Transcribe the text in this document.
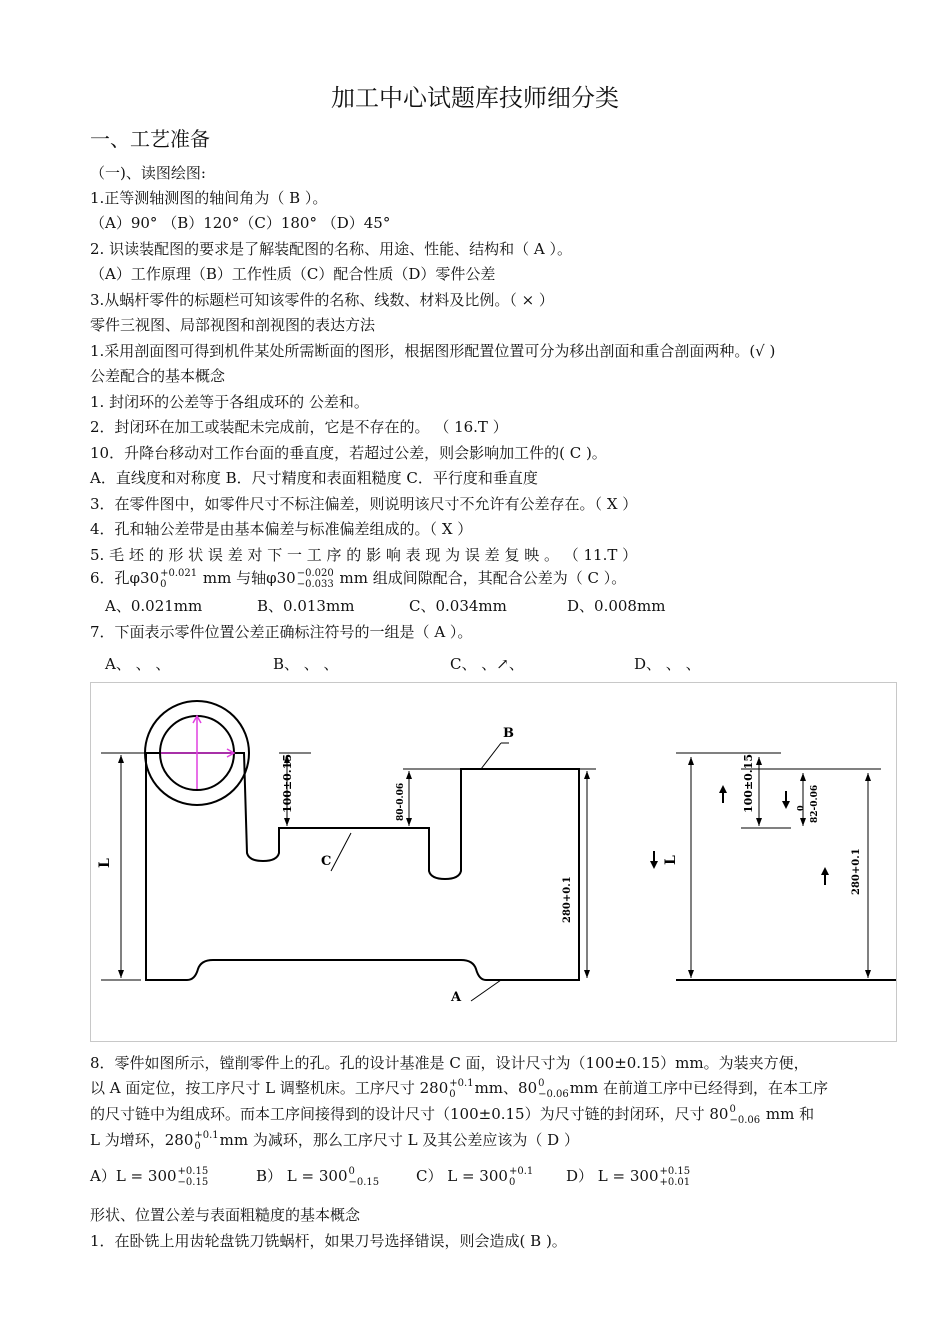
加工中心试题库技师细分类
一、工艺准备
（一)、读图绘图:
1.正等测轴测图的轴间角为（ B ）。
（A）90° （B）120°（C）180° （D）45°
2. 识读装配图的要求是了解装配图的名称、用途、性能、结构和（ A ）。
（A）工作原理（B）工作性质（C）配合性质（D）零件公差
3.从蜗杆零件的标题栏可知该零件的名称、线数、材料及比例。（ × ）
零件三视图、局部视图和剖视图的表达方法
1.采用剖面图可得到机件某处所需断面的图形，根据图形配置位置可分为移出剖面和重合剖面两种。(√ )
公差配合的基本概念
1. 封闭环的公差等于各组成环的 公差和。
2．封闭环在加工或装配未完成前，它是不存在的。 （ 16.T ）
10．升降台移动对工作台面的垂直度，若超过公差，则会影响加工件的( C )。
A．直线度和对称度 B．尺寸精度和表面粗糙度 C．平行度和垂直度
3．在零件图中，如零件尺寸不标注偏差，则说明该尺寸不允许有公差存在。（ X ）
4．孔和轴公差带是由基本偏差与标准偏差组成的。（ X ）
5. 毛 坯 的 形 状 误 差 对 下 一 工 序 的 影 响 表 现 为 误 差 复 映 。 （ 11.T ）
6．孔φ30 +0.021
0	mm 与轴φ30 −0.020
−0.033 mm 组成间隙配合，其配合公差为（ C ）。
A、0.021mm	B、0.013mm	C、0.034mm	D、0.008mm
7．下面表示零件位置公差正确标注符号的一组是（ A ）。
A、 、 、	B、 、 、	C、 、↗、	D、 、 、
B
C
A
L	L
100±0.15	80-0.06
280+0.1
100±0.15	0 82-0.06
280+0.1
8．零件如图所示，镗削零件上的孔。孔的设计基准是 C 面，设计尺寸为（100±0.15）mm。为装夹方便，
以 A 面定位，按工序尺寸 L 调整机床。工序尺寸 280 +0.1
0	mm、80 0
−0.06 mm 在前道工序中已经得到，在本工序
的尺寸链中为组成环。而本工序间接得到的设计尺寸（100±0.15）为尺寸链的封闭环，尺寸 80 0
−0.06 mm 和
L 为增环，280 +0.1
0	mm 为减环，那么工序尺寸 L 及其公差应该为（ D ）
A）L = 300 +0.15
−0.15	B） L = 300 0
−0.15 C） L = 300 +0.1
0	D） L = 300 +0.15
+0.01
形状、位置公差与表面粗糙度的基本概念
1．在卧铣上用齿轮盘铣刀铣蜗杆，如果刀号选择错误，则会造成( B )。
